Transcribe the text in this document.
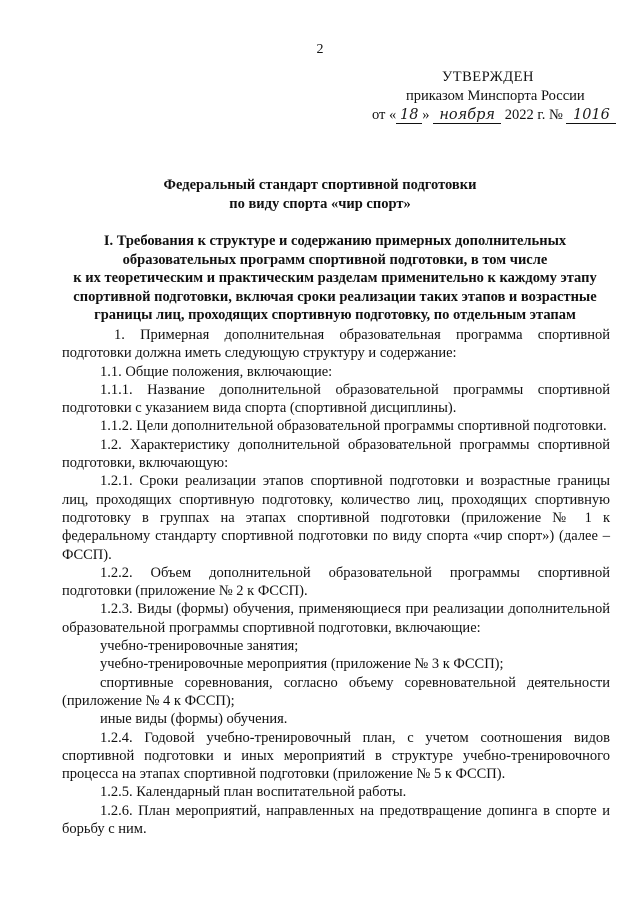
2
УТВЕРЖДЕН
приказом Минспорта России
от « 18 » ноября 2022 г. № 1016
Федеральный стандарт спортивной подготовки
по виду спорта «чир спорт»
I. Требования к структуре и содержанию примерных дополнительных
образовательных программ спортивной подготовки, в том числе
к их теоретическим и практическим разделам применительно к каждому этапу
спортивной подготовки, включая сроки реализации таких этапов и возрастные
границы лиц, проходящих спортивную подготовку, по отдельным этапам

1. Примерная дополнительная образовательная программа спортивной подготовки должна иметь следующую структуру и содержание:

1.1. Общие положения, включающие:

1.1.1. Название дополнительной образовательной программы спортивной подготовки с указанием вида спорта (спортивной дисциплины).

1.1.2. Цели дополнительной образовательной программы спортивной подготовки.

1.2. Характеристику дополнительной образовательной программы спортивной подготовки, включающую:

1.2.1. Сроки реализации этапов спортивной подготовки и возрастные границы лиц, проходящих спортивную подготовку, количество лиц, проходящих спортивную подготовку в группах на этапах спортивной подготовки (приложение № 1 к федеральному стандарту спортивной подготовки по виду спорта «чир спорт») (далее – ФССП).

1.2.2. Объем дополнительной образовательной программы спортивной подготовки (приложение № 2 к ФССП).

1.2.3. Виды (формы) обучения, применяющиеся при реализации дополнительной образовательной программы спортивной подготовки, включающие:

учебно-тренировочные занятия;

учебно-тренировочные мероприятия (приложение № 3 к ФССП);

спортивные соревнования, согласно объему соревновательной деятельности (приложение № 4 к ФССП);

иные виды (формы) обучения.

1.2.4. Годовой учебно-тренировочный план, с учетом соотношения видов спортивной подготовки и иных мероприятий в структуре учебно-тренировочного процесса на этапах спортивной подготовки (приложение № 5 к ФССП).

1.2.5. Календарный план воспитательной работы.

1.2.6. План мероприятий, направленных на предотвращение допинга в спорте и борьбу с ним.
